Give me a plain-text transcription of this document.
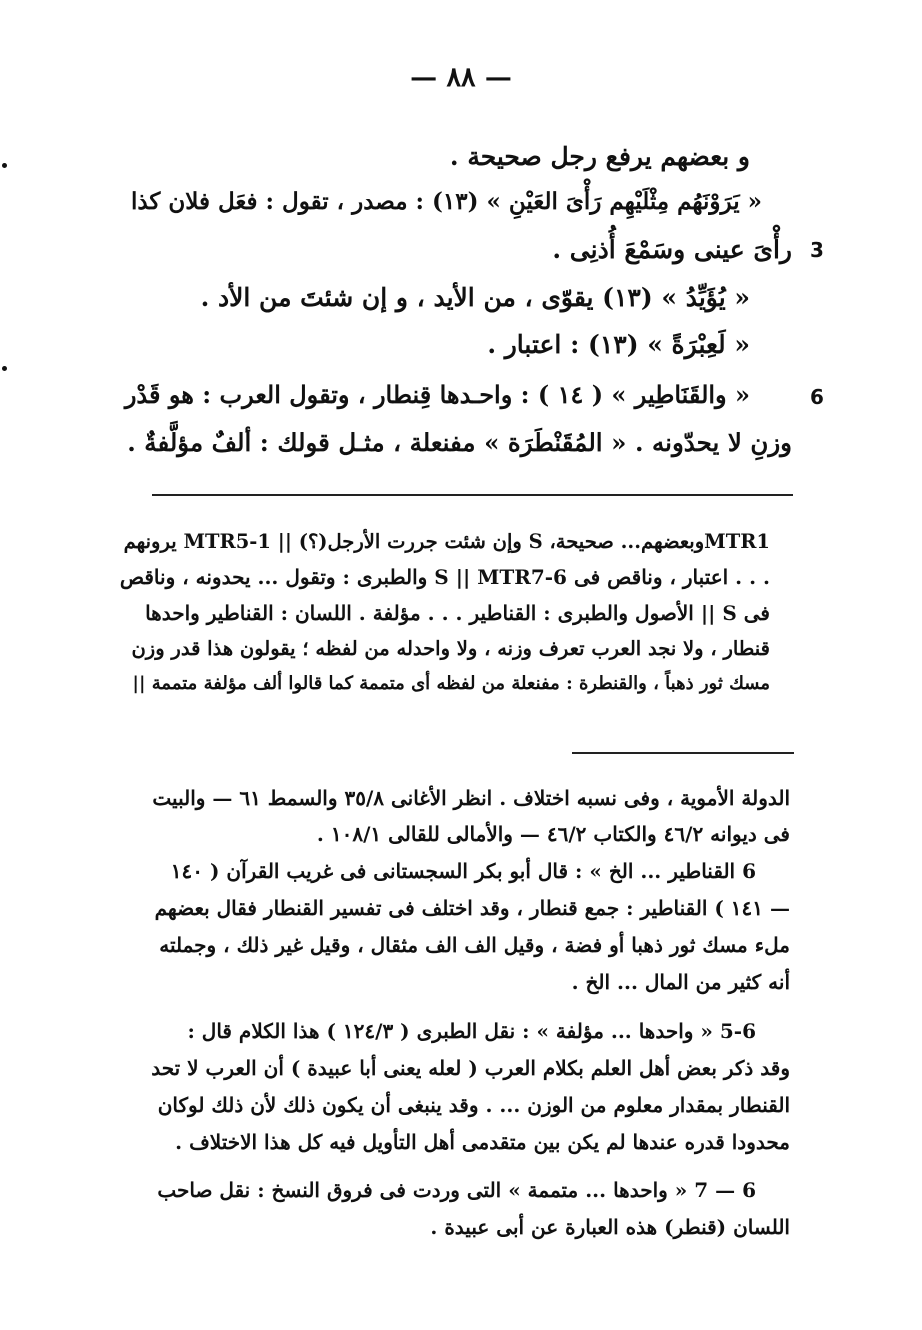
— ٨٨ —
3
6
و بعضهم يرفع رجل صحيحة .
« يَرَوْنَهُم مِثْلَيْهِم رَأْىَ العَيْنِ » (١٣) : مصدر ، تقول : فعَل فلان كذا
رأْىَ عينى وسَمْعَ أُذنِى .
« يُؤَيِّدُ » (١٣) يقوّى ، من الأيد ، و إن شئتَ من الأد .
« لَعِبْرَةً » (١٣) : اعتبار .
« والقَنَاطِير » ( ١٤ ) : واحـدها قِنطار ، وتقول العرب : هو قَدْر
وزنِ لا يحدّونه . « المُقَنْطَرَة » مفنعلة ، مثـل قولك : ألفٌ مؤلَّفةٌ .
MTR1وبعضهم... صحيحة، S وإن شئت جررت الأرجل(؟) || MTR5-1 يرونهم
. . . اعتبار ، وناقص فى S || MTR7-6 والطبرى : وتقول ... يحدونه ، وناقص
فى S || الأصول والطبرى : القناطير . . . مؤلفة . اللسان : القناطير واحدها
قنطار ، ولا نجد العرب تعرف وزنه ، ولا واحدله من لفظه ؛ يقولون هذا قدر وزن
مسك ثور ذهباً ، والقنطرة : مفنعلة من لفظه أى متممة كما قالوا ألف مؤلفة متممة ||
الدولة الأموية ، وفى نسبه اختلاف . انظر الأغانى ٣٥/٨ والسمط ٦١ — والبيت
فى ديوانه ٤٦/٢ والكتاب ٤٦/٢ — والأمالى للقالى ١٠٨/١ .
6 القناطير ... الخ » : قال أبو بكر السجستانى فى غريب القرآن ( ١٤٠
— ١٤١ ) القناطير : جمع قنطار ، وقد اختلف فى تفسير القنطار فقال بعضهم
ملء مسك ثور ذهبا أو فضة ، وقيل الف الف مثقال ، وقيل غير ذلك ، وجملته
أنه كثير من المال ... الخ .
5-6 « واحدها ... مؤلفة » : نقل الطبرى ( ١٢٤/٣ ) هذا الكلام قال :
وقد ذكر بعض أهل العلم بكلام العرب ( لعله يعنى أبا عبيدة ) أن العرب لا تحد
القنطار بمقدار معلوم من الوزن ... . وقد ينبغى أن يكون ذلك لأن ذلك لوكان
محدودا قدره عندها لم يكن بين متقدمى أهل التأويل فيه كل هذا الاختلاف .
6 — 7 « واحدها ... متممة » التى وردت فى فروق النسخ : نقل صاحب
اللسان (قنطر) هذه العبارة عن أبى عبيدة .
